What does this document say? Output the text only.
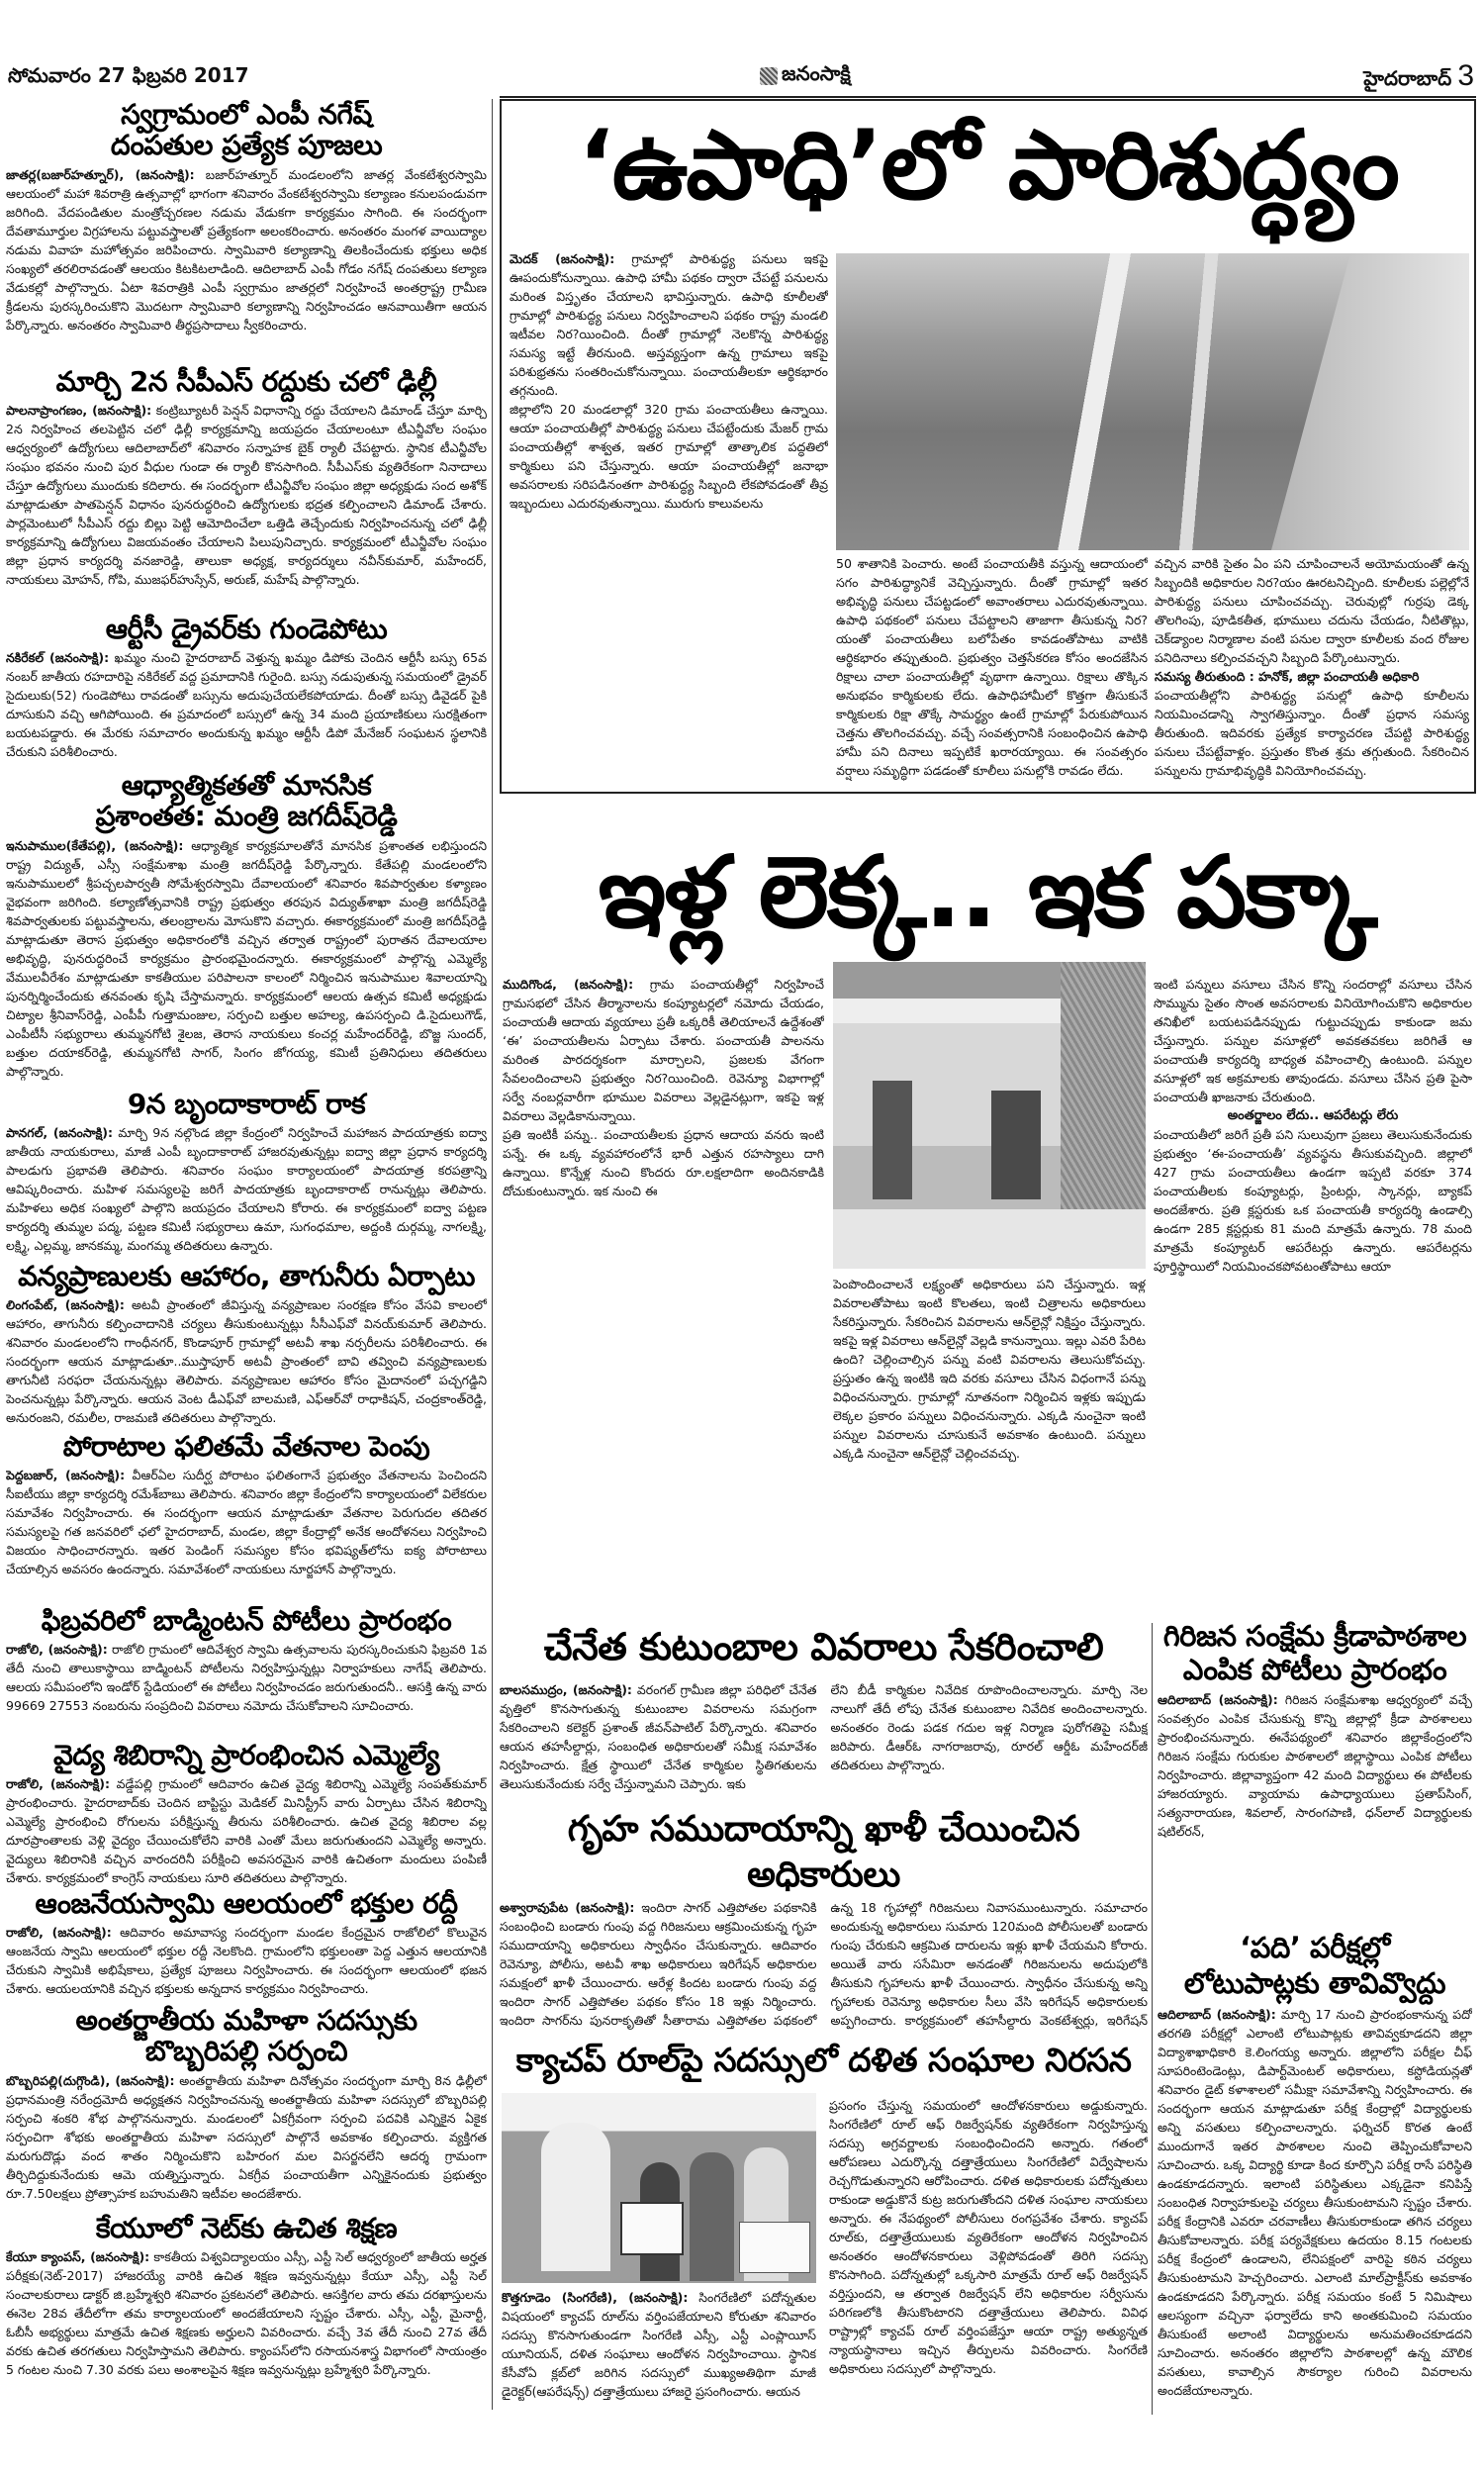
సోమవారం 27 ఫిబ్రవరి 2017	జనంసాక్షి	హైదరాబాద్ 3
స్వగ్రామంలో ఎంపీ నగేష్ దంపతుల ప్రత్యేక పూజలు

జాతర్ల(బజార్‌హత్నూర్), (జనంసాక్షి): బజార్‌హత్నూర్ మండలంలోని జాతర్ల వేంకటేశ్వరస్వామి ఆలయంలో మహా శివరాత్రి ఉత్సవాల్లో భాగంగా శనివారం వేంకటేశ్వరస్వామి కల్యాణం కనులపండువగా జరిగింది. వేదపండితుల మంత్రోచ్చరణల నడుమ వేడుకగా కార్యక్రమం సాగింది. ఈ సందర్భంగా దేవతామూర్తుల విగ్రహాలను పట్టువస్త్రాలతో ప్రత్యేకంగా అలంకరించారు. అనంతరం మంగళ వాయిద్యాల నడుమ వివాహ మహోత్సవం జరిపించారు. స్వామివారి కల్యాణాన్ని తిలకించేందుకు భక్తులు అధిక సంఖ్యలో తరలిరావడంతో ఆలయం కిటకిటలాడింది. ఆదిలాబాద్ ఎంపీ గోడం నగేష్ దంపతులు కల్యాణ వేడుకల్లో పాల్గొన్నారు. ఏటా శివరాత్రికి ఎంపీ స్వగ్రామం జాతర్లలో నిర్వహించే అంతర్రాష్ట్ర గ్రామీణ క్రీడలను పురస్కరించుకొని మొదటగా స్వామివారి కల్యాణాన్ని నిర్వహించడం ఆనవాయితీగా ఆయన పేర్కొన్నారు. అనంతరం స్వామివారి తీర్థప్రసాదాలు స్వీకరించారు.

మార్చి 2న సీపీఎస్ రద్దుకు చలో ఢిల్లీ

పాలనాప్రాంగణం, (జనంసాక్షి): కంట్రిబ్యూటరీ పెన్షన్ విధానాన్ని రద్దు చేయాలని డిమాండ్ చేస్తూ మార్చి 2న నిర్వహించ తలపెట్టిన చలో ఢిల్లీ కార్యక్రమాన్ని జయప్రదం చేయాలంటూ టీఎన్జీవోల సంఘం ఆధ్వర్యంలో ఉద్యోగులు ఆదిలాబాద్‌లో శనివారం సన్నాహక బైక్ ర్యాలీ చేపట్టారు. స్థానిక టీఎన్జీవోల సంఘం భవనం నుంచి పుర వీధుల గుండా ఈ ర్యాలీ కొనసాగింది. సీపీఎస్‌కు వ్యతిరేకంగా నినాదాలు చేస్తూ ఉద్యోగులు ముందుకు కదిలారు. ఈ సందర్భంగా టీఎన్జీవోల సంఘం జిల్లా అధ్యక్షుడు సంద అశోక్ మాట్లాడుతూ పాతపెన్షన్ విధానం పునరుద్ధరించి ఉద్యోగులకు భద్రత కల్పించాలని డిమాండ్ చేశారు. పార్లమెంటులో సీపీఎస్ రద్దు బిల్లు పెట్టి ఆమోదించేలా ఒత్తిడి తెచ్చేందుకు నిర్వహించనున్న చలో ఢిల్లీ కార్యక్రమాన్ని ఉద్యోగులు విజయవంతం చేయాలని పిలుపునిచ్చారు. కార్యక్రమంలో టీఎన్జీవోల సంఘం జిల్లా ప్రధాన కార్యదర్శి వనజారెడ్డి, తాలుకా అధ్యక్ష, కార్యదర్శులు నవీన్‌కుమార్, మహేందర్, నాయకులు మోహన్, గోపి, ముజఫర్‌హుస్సేన్, అరుణ్, మహేష్ పాల్గొన్నారు.

ఆర్టీసీ డ్రైవర్‌కు గుండెపోటు

నకిరేకల్ (జనంసాక్షి): ఖమ్మం నుంచి హైదరాబాద్ వెళ్తున్న ఖమ్మం డిపోకు చెందిన ఆర్టీసీ బస్సు 65వ నంబర్ జాతీయ రహదారిపై నకిరేకల్ వద్ద ప్రమాదానికి గురైంది. బస్సు నడుపుతున్న సమయంలో డ్రైవర్ సైదులుకు(52) గుండెపోటు రావడంతో బస్సును అదుపుచేయలేకపోయాడు. దీంతో బస్సు డివైడర్ పైకి దూసుకుని వచ్చి ఆగిపోయింది. ఈ ప్రమాదంలో బస్సులో ఉన్న 34 మంది ప్రయాణికులు సురక్షితంగా బయటపడ్డారు. ఈ మేరకు సమాచారం అందుకున్న ఖమ్మం ఆర్టీసీ డిపో మేనేజర్ సంఘటన స్థలానికి చేరుకుని పరిశీలించారు.

ఆధ్యాత్మికతతో మానసిక ప్రశాంతత: మంత్రి జగదీష్‌రెడ్డి

ఇనుపాముల(కేతేపల్లి), (జనంసాక్షి): ఆధ్యాత్మిక కార్యక్రమాలతోనే మానసిక ప్రశాంతత లభిస్తుందని రాష్ట్ర విద్యుత్, ఎస్సీ సంక్షేమశాఖ మంత్రి జగదీష్‌రెడ్డి పేర్కొన్నారు. కేతేపల్లి మండలంలోని ఇనుపాములలో శ్రీపచ్చలపార్వతీ సోమేశ్వరస్వామి దేవాలయంలో శనివారం శివపార్వతుల కళ్యాణం వైభవంగా జరిగింది. కల్యాణోత్సవానికి రాష్ట్ర ప్రభుత్వం తరపున విద్యుత్‌శాఖా మంత్రి జగదీష్‌రెడ్డి శివపార్వతులకు పట్టువస్త్రాలను, తలంబ్రాలను మోసుకొని వచ్చారు. ఈకార్యక్రమంలో మంత్రి జగదీష్‌రెడ్డి మాట్లాడుతూ తెరాస ప్రభుత్వం అధికారంలోకి వచ్చిన తర్వాత రాష్ట్రంలో పురాతన దేవాలయాల అభివృద్ధి, పునరుద్ధరించే కార్యక్రమం ప్రారంభమైందన్నారు. ఈకార్యక్రమంలో పాల్గొన్న ఎమ్మెల్యే వేములవీరేశం మాట్లాడుతూ కాకతీయుల పరిపాలనా కాలంలో నిర్మించిన ఇనుపాముల శివాలయాన్ని పునర్నిర్మించేందుకు తనవంతు కృషి చేస్తామన్నారు. కార్యక్రమంలో ఆలయ ఉత్సవ కమిటీ అధ్యక్షుడు చిట్యాల శ్రీనివాస్‌రెడ్డి, ఎంపీపీ గుత్తామంజుల, సర్పంచి బత్తుల అహల్య, ఉపసర్పంచి డి.సైదులుగౌడ్, ఎంపీటీసీ సభ్యురాలు తుమ్మనగోటి శైలజ, తెరాస నాయకులు కంచర్ల మహేందర్‌రెడ్డి, బొజ్జ సుందర్, బత్తుల దయాకర్‌రెడ్డి, తుమ్మనగోటి సాగర్, సింగం జోగయ్య, కమిటీ ప్రతినిధులు తదితరులు పాల్గొన్నారు.

9న బృందాకారాట్ రాక

పానగల్, (జనంసాక్షి): మార్చి 9న నల్గొండ జిల్లా కేంద్రంలో నిర్వహించే మహాజన పాదయాత్రకు ఐద్వా జాతీయ నాయకురాలు, మాజీ ఎంపీ బృందాకారాట్ హాజరవుతున్నట్లు ఐద్వా జిల్లా ప్రధాన కార్యదర్శి పాలడుగు ప్రభావతి తెలిపారు. శనివారం సంఘం కార్యాలయంలో పాదయాత్ర కరపత్రాన్ని ఆవిష్కరించారు. మహిళ సమస్యలపై జరిగే పాదయాత్రకు బృందాకారాట్ రానున్నట్లు తెలిపారు. మహిళలు అధిక సంఖ్యలో పాల్గొని జయప్రదం చేయాలని కోరారు. ఈ కార్యక్రమంలో ఐద్వా పట్టణ కార్యదర్శి తుమ్మల పద్మ, పట్టణ కమిటీ సభ్యురాలు ఉమా, సుగంధమాల, అద్దంకి దుర్గమ్మ, నాగలక్ష్మి, లక్ష్మి, ఎల్లమ్మ, జానకమ్మ, మంగమ్మ తదితరులు ఉన్నారు.

వన్యప్రాణులకు ఆహారం, తాగునీరు ఏర్పాటు

లింగంపేట్, (జనంసాక్షి): అటవీ ప్రాంతంలో జీవిస్తున్న వన్యప్రాణుల సంరక్షణ కోసం వేసవి కాలంలో ఆహారం, తాగునీరు కల్పించాదానికి చర్యలు తీసుకుంటున్నట్లు సీసీఎఫ్‌వో వినయ్‌కుమార్ తెలిపారు. శనివారం మండలంలోని గాంధీనగర్, కొండాపూర్ గ్రామాల్లో అటవీ శాఖ నర్సరీలను పరిశీలించారు. ఈ సందర్భంగా ఆయన మాట్లాడుతూ..ముస్తాపూర్ అటవీ ప్రాంతంలో బావి తవ్వించి వన్యప్రాణులకు తాగునీటి సరఫరా చేయనున్నట్లు తెలిపారు. వన్యప్రాణుల ఆహారం కోసం మైదానంలో పచ్చగడ్డిని పెంచనున్నట్లు పేర్కొన్నారు. ఆయన వెంట డీఎఫ్‌వో బాలమణి, ఎఫ్ఆర్‌వో రాధాకిషన్, చంద్రకాంత్‌రెడ్డి, అనురంజని, రమలీల, రాజమణి తదితరులు పాల్గొన్నారు.

పోరాటాల ఫలితమే వేతనాల పెంపు

పెద్దబజార్, (జనంసాక్షి): వీఆర్ఏల సుదీర్ఘ పోరాటం ఫలితంగానే ప్రభుత్వం వేతనాలను పెంచిందని సీఐటీయు జిల్లా కార్యదర్శి రమేశ్‌బాబు తెలిపారు. శనివారం జిల్లా కేంద్రంలోని కార్యాలయంలో విలేకరుల సమావేశం నిర్వహించారు. ఈ సందర్భంగా ఆయన మాట్లాడుతూ వేతనాల పెరుగుదల తదితర సమస్యలపై గత జనవరిలో ఛలో హైదరాబాద్, మండల, జిల్లా కేంద్రాల్లో అనేక ఆందోళనలు నిర్వహించి విజయం సాధించారన్నారు. ఇతర పెండింగ్ సమస్యల కోసం భవిష్యత్‌లోను ఐక్య పోరాటాలు చేయాల్సిన అవసరం ఉందన్నారు. సమావేశంలో నాయకులు నూర్జహాన్ పాల్గొన్నారు.

ఫిబ్రవరిలో బాడ్మింటన్ పోటీలు ప్రారంభం

రాజోలి, (జనంసాక్షి): రాజోలి గ్రామంలో ఆదివేశ్వర స్వామి ఉత్సవాలను పురస్కరించుకుని ఫిబ్రవరి 1వ తేదీ నుంచి తాలుకాస్థాయి బాడ్మింటన్ పోటీలను నిర్వహిస్తున్నట్లు నిర్వాహకులు నాగేష్ తెలిపారు. ఆలయ సమీపంలోని ఇండోర్ స్టేడియంలో ఈ పోటీలు నిర్వహించడం జరుగుతుందనీ.. ఆసక్తి ఉన్న వారు 99669 27553 నంబరును సంప్రదించి వివరాలు నమోదు చేసుకోవాలని సూచించారు.

వైద్య శిబిరాన్ని ప్రారంభించిన ఎమ్మెల్యే

రాజోలి, (జనంసాక్షి): వడ్డేపల్లి గ్రామంలో ఆదివారం ఉచిత వైద్య శిబిరాన్ని ఎమ్మెల్యే సంపత్‌కుమార్ ప్రారంభించారు. హైదరాబాద్‌కు చెందిన బాప్టిస్టు మెడికల్ మినిస్ట్రీస్ వారు ఏర్పాటు చేసిన శిబిరాన్ని ఎమ్మెల్యే ప్రారంభించి రోగులను పరీక్షిస్తున్న తీరును పరిశీలించారు. ఉచిత వైద్య శిబిరాల వల్ల దూరప్రాంతాలకు వెళ్లి వైద్యం చేయించుకోలేని వారికి ఎంతో మేలు జరుగుతుందని ఎమ్మెల్యే అన్నారు. వైద్యులు శిబిరానికి వచ్చిన వారందరినీ పరీక్షించి అవసరమైన వారికి ఉచితంగా మందులు పంపిణీ చేశారు. కార్యక్రమంలో కాంగ్రెస్ నాయకులు సూరి తదితరులు పాల్గొన్నారు.

ఆంజనేయస్వామి ఆలయంలో భక్తుల రద్దీ

రాజోలి, (జనంసాక్షి): ఆదివారం అమావాస్య సందర్భంగా మండల కేంద్రమైన రాజోలిలో కొలువైన ఆంజనేయ స్వామి ఆలయంలో భక్తుల రద్దీ నెలకొంది. గ్రామంలోని భక్తులంతా పెద్ద ఎత్తున ఆలయానికి చేరుకుని స్వామికి అభిషేకాలు, ప్రత్యేక పూజలు నిర్వహించారు. ఈ సందర్భంగా ఆలయంలో భజన చేశారు. ఆయలయానికి వచ్చిన భక్తులకు అన్నదాన కార్యక్రమం నిర్వహించారు.

అంతర్జాతీయ మహిళా సదస్సుకు బొబ్బరిపల్లి సర్పంచి

బొబ్బరిపల్లి(దుగ్గొండి), (జనంసాక్షి): అంతర్జాతీయ మహిళా దినోత్సవం సందర్భంగా మార్చి 8న ఢిల్లీలో ప్రధానమంత్రి నరేంద్రమోదీ అధ్యక్షతన నిర్వహించనున్న అంతర్జాతీయ మహిళా సదస్సులో బొబ్బరిపల్లి సర్పంచి శంకరి శోభ పాల్గొననున్నారు. మండలంలో ఏకగ్రీవంగా సర్పంచి పదవికి ఎన్నికైన ఏకైక సర్పంచిగా శోభకు అంతర్జాతీయ మహిళా సదస్సులో పాల్గొనే అవకాశం కల్పించారు. వ్యక్తిగత మరుగుదొడ్లు వంద శాతం నిర్మించుకొని బహిరంగ మల విసర్జనలేని ఆదర్శ గ్రామంగా తీర్చిదిద్దుకునేందుకు ఆమె యత్నిస్తున్నారు. ఏకగ్రీవ పంచాయతీగా ఎన్నికైనందుకు ప్రభుత్వం రూ.7.50లక్షలు ప్రోత్సాహక బహుమతిని ఇటీవల అందజేశారు.

కేయూలో నెట్‌కు ఉచిత శిక్షణ

కేయూ క్యాంపస్, (జనంసాక్షి): కాకతీయ విశ్వవిద్యాలయం ఎస్సీ, ఎస్టీ సెల్ ఆధ్వర్యంలో జాతీయ అర్హత పరీక్షకు(నెట్-2017) హాజరయ్యే వారికి ఉచిత శిక్షణ ఇవ్వనున్నట్లు కేయూ ఎస్సీ, ఎస్టీ సెల్ సంచాలకురాలు డాక్టర్ జి.బ్రహ్మేశ్వరి శనివారం ప్రకటనలో తెలిపారు. ఆసక్తిగల వారు తమ దరఖాస్తులను ఈనెల 28వ తేదీలోగా తమ కార్యాలయంలో అందజేయాలని స్పష్టం చేశారు. ఎస్సీ, ఎస్టీ, మైనార్టీ, ఓబీసీ అభ్యర్థులు మాత్రమే ఉచిత శిక్షణకు అర్హులని వివరించారు. వచ్చే 3వ తేదీ నుంచి 27వ తేదీ వరకు ఉచిత తరగతులు నిర్వహిస్తామని తెలిపారు. క్యాంపస్‌లోని రసాయనశాస్త్ర విభాగంలో సాయంత్రం 5 గంటల నుంచి 7.30 వరకు పలు అంశాలపైన శిక్షణ ఇవ్వనున్నట్లు బ్రహ్మేశ్వరి పేర్కొన్నారు.

‘ఉపాధి’లో పారిశుద్ధ్యం

మెదక్ (జనంసాక్షి): గ్రామాల్లో పారిశుద్ధ్య పనులు ఇకపై ఊపందుకోనున్నాయి. ఉపాధి హామీ పథకం ద్వారా చేపట్టే పనులను మరింత విస్తృతం చేయాలని భావిస్తున్నారు. ఉపాధి కూలీలతో గ్రామాల్లో పారిశుద్ధ్య పనులు నిర్వహించాలని పథకం రాష్ట్ర మండలి ఇటీవల నిర?యించింది. దీంతో గ్రామాల్లో నెలకొన్న పారిశుద్ధ్య సమస్య ఇట్టే తీరనుంది. అస్తవ్యస్తంగా ఉన్న గ్రామాలు ఇకపై పరిశుభ్రతను సంతరించుకోనున్నాయి. పంచాయతీలకూ ఆర్థికభారం తగ్గనుంది.

జిల్లాలోని 20 మండలాల్లో 320 గ్రామ పంచాయతీలు ఉన్నాయి. ఆయా పంచాయతీల్లో పారిశుద్ధ్య పనులు చేపట్టేందుకు మేజర్ గ్రామ పంచాయతీల్లో శాశ్వత, ఇతర గ్రామాల్లో తాత్కాలిక పద్ధతిలో కార్మికులు పని చేస్తున్నారు. ఆయా పంచాయతీల్లో జనాభా అవసరాలకు సరిపడినంతగా పారిశుద్ధ్య సిబ్బంది లేకపోవడంతో తీవ్ర ఇబ్బందులు ఎదురవుతున్నాయి. మురుగు కాలువలను

50 శాతానికి పెంచారు. అంటే పంచాయతీకి వస్తున్న ఆదాయంలో సగం పారిశుద్ధ్యానికే వెచ్చిస్తున్నారు. దీంతో గ్రామాల్లో ఇతర అభివృద్ధి పనులు చేపట్టడంలో అవాంతరాలు ఎదురవుతున్నాయి. ఉపాధి పథకంలో పనులు చేపట్టాలని తాజాగా తీసుకున్న నిర?యంతో పంచాయతీలు బలోపేతం కావడంతోపాటు వాటికి ఆర్థికభారం తప్పుతుంది. ప్రభుత్వం చెత్తసేకరణ కోసం అందజేసిన రిక్షాలు చాలా పంచాయతీల్లో వృథాగా ఉన్నాయి. రిక్షాలు తొక్కిన అనుభవం కార్మికులకు లేదు. ఉపాధిహామీలో కొత్తగా తీసుకునే కార్మికులకు రిక్షా తొక్కే సామర్థ్యం ఉంటే గ్రామాల్లో పేరుకుపోయిన చెత్తను తొలగించవచ్చు. వచ్చే సంవత్సరానికి సంబంధించిన ఉపాధి హామీ పని దినాలు ఇప్పటికే ఖరారయ్యాయి. ఈ సంవత్సరం వర్షాలు సమృద్ధిగా పడడంతో కూలీలు పనుల్లోకి రావడం లేదు.

వచ్చిన వారికి సైతం ఏం పని చూపించాలనే అయోమయంతో ఉన్న సిబ్బందికి అధికారుల నిర?యం ఊరటనిచ్చింది. కూలీలకు పల్లెల్లోనే పారిశుద్ధ్య పనులు చూపించవచ్చు. చెరువుల్లో గుర్రపు డెక్క తొలగింపు, పూడికతీత, భూములు చదును చేయడం, నీటితొట్లు, చెక్‌డ్యాంల నిర్మాణాల వంటి పనుల ద్వారా కూలీలకు వంద రోజుల పనిదినాలు కల్పించవచ్చని సిబ్బంది పేర్కొంటున్నారు.

సమస్య తీరుతుంది : హనోక్, జిల్లా పంచాయతీ అధికారి

పంచాయతీల్లోని పారిశుద్ధ్య పనుల్లో ఉపాధి కూలీలను నియమించడాన్ని స్వాగతిస్తున్నాం. దీంతో ప్రధాన సమస్య తీరుతుంది. ఇదివరకు ప్రత్యేక కార్యాచరణ చేపట్టి పారిశుద్ధ్య పనులు చేపట్టేవాళ్లం. ప్రస్తుతం కొంత శ్రమ తగ్గుతుంది. సేకరించిన పన్నులను గ్రామాభివృద్ధికి వినియోగించవచ్చు.

ఇళ్ల లెక్క.. ఇక పక్కా

ముదిగొండ, (జనంసాక్షి): గ్రామ పంచాయతీల్లో నిర్వహించే గ్రామసభలో చేసిన తీర్మానాలను కంప్యూటర్లలో నమోదు చేయడం, పంచాయతీ ఆదాయ వ్యయాలు ప్రతీ ఒక్కరికీ తెలియాలనే ఉద్దేశంతో ‘ఈ’ పంచాయతీలను ఏర్పాటు చేశారు. పంచాయతీ పాలనను మరింత పారదర్శకంగా మార్చాలని, ప్రజలకు వేగంగా సేవలందించాలని ప్రభుత్వం నిర?యించింది. రెవెన్యూ విభాగాల్లో సర్వే నంబర్లవారీగా భూముల వివరాలు వెల్లడైనట్లుగా, ఇకపై ఇళ్ల వివరాలు వెల్లడికానున్నాయి.

ప్రతి ఇంటికీ పన్ను.. పంచాయతీలకు ప్రధాన ఆదాయ వనరు ఇంటి పన్నే. ఈ ఒక్క వ్యవహారంలోనే భారీ ఎత్తున రహస్యాలు దాగి ఉన్నాయి. కొన్నేళ్ల నుంచి కొందరు రూ.లక్షలాదిగా అందినకాడికి దోచుకుంటున్నారు. ఇక నుంచి ఈ

పెంపొందించాలనే లక్ష్యంతో అధికారులు పని చేస్తున్నారు. ఇళ్ల వివరాలతోపాటు ఇంటి కొలతలు, ఇంటి చిత్రాలను అధికారులు సేకరిస్తున్నారు. సేకరించిన వివరాలను ఆన్‌లైన్లో నిక్షిప్తం చేస్తున్నారు. ఇకపై ఇళ్ల వివరాలు ఆన్‌లైన్లో వెల్లడి కానున్నాయి. ఇల్లు ఎవరి పేరిట ఉంది? చెల్లించాల్సిన పన్ను వంటి వివరాలను తెలుసుకోవచ్చు. ప్రస్తుతం ఉన్న ఇంటికి ఇది వరకు వసూలు చేసిన విధంగానే పన్ను విధించనున్నారు. గ్రామాల్లో నూతనంగా నిర్మించిన ఇళ్లకు ఇప్పుడు లెక్కల ప్రకారం పన్నులు విధించనున్నారు. ఎక్కడి నుంచైనా ఇంటి పన్నుల వివరాలను చూసుకునే అవకాశం ఉంటుంది. పన్నులు ఎక్కడి నుంచైనా ఆన్‌లైన్లో చెల్లించవచ్చు.

ఇంటి పన్నులు వసూలు చేసిన కొన్ని సందరాల్లో వసూలు చేసిన సొమ్మును సైతం సొంత అవసరాలకు వినియోగించుకొని అధికారుల తనిఖీలో బయటపడినప్పుడు గుట్టుచప్పుడు కాకుండా జమ చేస్తున్నారు. పన్నుల వసూళ్లలో అవకతవకలు జరిగితే ఆ పంచాయతీ కార్యదర్శి బాధ్యత వహించాల్సి ఉంటుంది. పన్నుల వసూళ్లలో ఇక అక్రమాలకు తావుండదు. వసూలు చేసిన ప్రతి పైసా పంచాయతీ ఖాజనాకు చేరుతుంది.

అంతర్జాలం లేదు.. ఆపరేటర్లు లేరు

పంచాయతీలో జరిగే ప్రతీ పని సులువుగా ప్రజలు తెలుసుకునేందుకు ప్రభుత్వం ‘ఈ-పంచాయతీ’ వ్యవస్థను తీసుకువచ్చింది. జిల్లాలో 427 గ్రామ పంచాయతీలు ఉండగా ఇప్పటి వరకూ 374 పంచాయతీలకు కంప్యూటర్లు, ప్రింటర్లు, స్కానర్లు, బ్యాకప్ అందజేశారు. ప్రతి క్లస్టరుకు ఒక పంచాయతీ కార్యదర్శి ఉండాల్సి ఉండగా 285 క్లస్టర్లుకు 81 మంది మాత్రమే ఉన్నారు. 78 మంది మాత్రమే కంప్యూటర్ ఆపరేటర్లు ఉన్నారు. ఆపరేటర్లను పూర్తిస్థాయిలో నియమించకపోవటంతోపాటు ఆయా

చేనేత కుటుంబాల వివరాలు సేకరించాలి

బాలసముద్రం, (జనంసాక్షి): వరంగల్ గ్రామీణ జిల్లా పరిధిలో చేనేత వృత్తిలో కొనసాగుతున్న కుటుంబాల వివరాలను సమగ్రంగా సేకరించాలని కలెక్టర్ ప్రశాంత్ జీవన్‌పాటిల్ పేర్కొన్నారు. శనివారం ఆయన తహసీల్దార్లు, సంబంధిత అధికారులతో సమీక్ష సమావేశం నిర్వహించారు. క్షేత్ర స్థాయిలో చేనేత కార్మికుల స్థితిగతులను తెలుసుకునేందుకు సర్వే చేస్తున్నామని చెప్పారు. ఇకు

లేని బీడీ కార్మికుల నివేదిక రూపొందించాలన్నారు. మార్చి నెల నాలుగో తేదీ లోపు చేనేత కుటుంబాల నివేదిక అందించాలన్నారు. అనంతరం రెండు పడక గదుల ఇళ్ల నిర్మాణ పురోగతిపై సమీక్ష జరిపారు. డీఆర్‌ఓ నాగరాజరావు, రూరల్ ఆర్డీఓ మహేందర్‌జీ తదితరులు పాల్గొన్నారు.

గృహ సముదాయాన్ని ఖాళీ చేయించిన అధికారులు

అశ్వారావుపేట (జనంసాక్షి): ఇందిరా సాగర్ ఎత్తిపోతల పథకానికి సంబంధించి బండారు గుంపు వద్ద గిరిజనులు ఆక్రమించుకున్న గృహ సముదాయాన్ని అధికారులు స్వాధీనం చేసుకున్నారు. ఆదివారం రెవెన్యూ, పోలీసు, అటవీ శాఖ అధికారులు ఇరిగేషన్ అధికారుల సమక్షంలో ఖాళీ చేయించారు. ఆరేళ్ల కిందట బండారు గుంపు వద్ద ఇందిరా సాగర్ ఎత్తిపోతల పథకం కోసం 18 ఇళ్లు నిర్మించారు. ఇందిరా సాగర్‌ను పునరాకృతితో సీతారామ ఎత్తిపోతల పథకంలో

ఉన్న 18 గృహాల్లో గిరిజనులు నివాసముంటున్నారు. సమాచారం అందుకున్న అధికారులు సుమారు 120మంది పోలీసులతో బండారు గుంపు చేరుకుని ఆక్రమిత దారులను ఇళ్లు ఖాళీ చేయమని కోరారు. అయితే వారు ససేమిరా అనడంతో గిరిజనులను అదుపులోకి తీసుకుని గృహాలను ఖాళీ చేయించారు. స్వాధీనం చేసుకున్న అన్ని గృహాలకు రెవెన్యూ అధికారుల సీలు వేసి ఇరిగేషన్ అధికారులకు అప్పగించారు. కార్యక్రమంలో తహసీల్దారు వెంకటేశ్వర్లు, ఇరిగేషన్

క్యాచప్ రూల్‌పై సదస్సులో దళిత సంఘాల నిరసన

కొత్తగూడెం (సింగరేణి), (జనంసాక్షి): సింగరేణిలో పదోన్నతుల విషయంలో క్యాచప్ రూల్‌ను వర్తింపజేయాలని కోరుతూ శనివారం సదస్సు కొనసాగుతుండగా సింగరేణి ఎస్సీ, ఎస్టీ ఎంప్లాయీస్ యూనియన్, దళిత సంఘాలు ఆందోళన నిర్వహించాయి. స్థానిక కేసీవోఏ క్లబ్‌లో జరిగిన సదస్సులో ముఖ్యఅతిథిగా మాజీ డైరెక్టర్(ఆపరేషన్స్) దత్తాత్రేయులు హాజరై ప్రసంగించారు. ఆయన

ప్రసంగం చేస్తున్న సమయంలో ఆందోళనకారులు అడ్డుకున్నారు. సింగరేణిలో రూల్ ఆఫ్ రిజర్వేషన్‌కు వ్యతిరేకంగా నిర్వహిస్తున్న సదస్సు అగ్రవర్ణాలకు సంబంధించిందని అన్నారు. గతంలో ఆరోపణలు ఎదుర్కొన్న దత్తాత్రేయులు సింగరేణిలో విద్వేషాలను రెచ్చగొడుతున్నారని ఆరోపించారు. దళిత అధికారులకు పదోన్నతులు రాకుండా అడ్డుకొనే కుట్ర జరుగుతోందని దళిత సంఘాల నాయకులు అన్నారు. ఈ నేపథ్యంలో పోలీసులు రంగప్రవేశం చేశారు. క్యాచప్ రూల్‌కు, దత్తాత్రేయులుకు వ్యతిరేకంగా ఆందోళన నిర్వహించిన అనంతరం ఆందోళనకారులు వెళ్లిపోవడంతో తిరిగి సదస్సు కొనసాగింది. పదోన్నతుల్లో ఒక్కసారి మాత్రమే రూల్ ఆఫ్ రిజర్వేషన్ వర్తిస్తుందని, ఆ తర్వాత రిజర్వేషన్ లేని అధికారుల సర్వీసును పరిగణలోకి తీసుకొంటారని దత్తాత్రేయులు తెలిపారు. వివిధ రాష్ట్రాల్లో క్యాచప్ రూల్ వర్తింపజేస్తూ ఆయా రాష్ట్ర అత్యున్నత న్యాయస్థానాలు ఇచ్చిన తీర్పులను వివరించారు. సింగరేణి అధికారులు సదస్సులో పాల్గొన్నారు.

గిరిజన సంక్షేమ క్రీడాపాఠశాల ఎంపిక పోటీలు ప్రారంభం

ఆదిలాబాద్ (జనంసాక్షి): గిరిజన సంక్షేమశాఖ ఆధ్వర్యంలో వచ్చే సంవత్సరం ఎంపిక చేసుకున్న కొన్ని జిల్లాల్లో క్రీడా పాఠశాలలు ప్రారంభించనున్నారు. ఈనేపథ్యంలో శనివారం జిల్లాకేంద్రంలోని గిరిజన సంక్షేమ గురుకుల పాఠశాలలో జిల్లాస్థాయి ఎంపిక పోటీలు నిర్వహించారు. జిల్లావ్యాప్తంగా 42 మంది విద్యార్థులు ఈ పోటీలకు హాజరయ్యారు. వ్యాయామ ఉపాధ్యాయులు ప్రతాప్‌సింగ్, సత్యనారాయణ, శివలాల్, సారంగపాణి, ధన్‌లాల్ విద్యార్థులకు షటిల్‌రన్,

‘పది’ పరీక్షల్లో లోటుపాట్లకు తావివ్వొద్దు

ఆదిలాబాద్ (జనంసాక్షి): మార్చి 17 నుంచి ప్రారంభంకానున్న పదో తరగతి పరీక్షల్లో ఎలాంటి లోటుపాట్లకు తావివ్వకూడదని జిల్లా విద్యాశాఖాధికారి కె.లింగయ్య అన్నారు. జిల్లాలోని పరీక్షల చీఫ్ సూపరింటెండెంట్లు, డిపార్ట్‌మెంటల్ అధికారులు, కస్టోడియన్లతో శనివారం డైట్ కళాశాలలో సమీక్షా సమావేశాన్ని నిర్వహించారు. ఈ సందర్భంగా ఆయన మాట్లాడుతూ పరీక్ష కేంద్రాల్లో విద్యార్థులకు అన్ని వసతులు కల్పించాలన్నారు. ఫర్నిచర్ కొరత ఉంటే ముందుగానే ఇతర పాఠశాలల నుంచి తెప్పించుకోవాలని సూచించారు. ఒక్క విద్యార్థి కూడా కింద కూర్చొని పరీక్ష రాసే పరిస్థితి ఉండకూడదన్నారు. ఇలాంటి పరిస్థితులు ఎక్కడైనా కనిపిస్తే సంబంధిత నిర్వాహకులపై చర్యలు తీసుకుంటామని స్పష్టం చేశారు. పరీక్ష కేంద్రానికి ఎవరూ చరవాణీలు తీసుకురాకుండా తగిన చర్యలు తీసుకోవాలన్నారు. పరీక్ష పర్యవేక్షకులు ఉదయం 8.15 గంటలకు పరీక్ష కేంద్రంలో ఉండాలని, లేనిపక్షంలో వారిపై కఠిన చర్యలు తీసుకుంటామని హెచ్చరించారు. ఎలాంటి మాల్‌ప్రాక్టీస్‌కు అవకాశం ఉండకూడదని పేర్కొన్నారు. పరీక్ష సమయం కంటే 5 నిమిషాలు ఆలస్యంగా వచ్చినా ఫర్వాలేదు కాని అంతకుమించి సమయం తీసుకుంటే అలాంటి విద్యార్థులను అనుమతించకూడదని సూచించారు. అనంతరం జిల్లాలోని పాఠశాలల్లో ఉన్న మౌలిక వసతులు, కావాల్సిన సౌకర్యాల గురించి వివరాలను అందజేయాలన్నారు.
